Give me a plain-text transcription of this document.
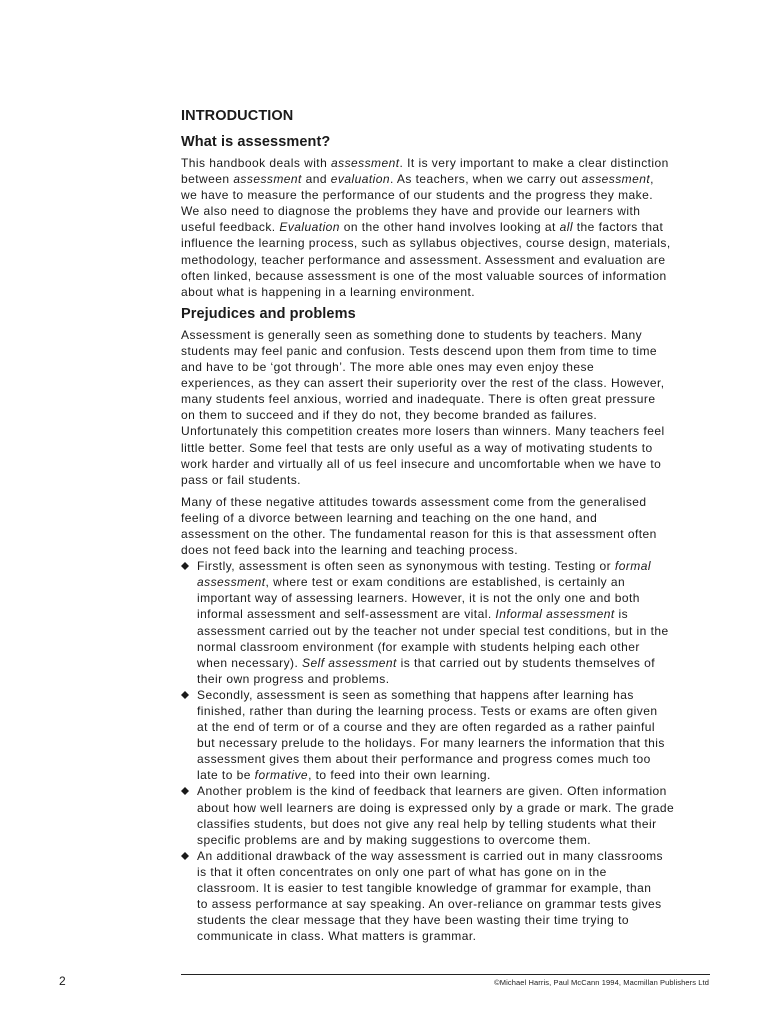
INTRODUCTION
What is assessment?

This handbook deals with assessment. It is very important to make a clear distinction
between assessment and evaluation. As teachers, when we carry out assessment,
we have to measure the performance of our students and the progress they make.
We also need to diagnose the problems they have and provide our learners with
useful feedback. Evaluation on the other hand involves looking at all the factors that
influence the learning process, such as syllabus objectives, course design, materials,
methodology, teacher performance and assessment. Assessment and evaluation are
often linked, because assessment is one of the most valuable sources of information
about what is happening in a learning environment.

Prejudices and problems

Assessment is generally seen as something done to students by teachers. Many
students may feel panic and confusion. Tests descend upon them from time to time
and have to be ‘got through’. The more able ones may even enjoy these
experiences, as they can assert their superiority over the rest of the class. However,
many students feel anxious, worried and inadequate. There is often great pressure
on them to succeed and if they do not, they become branded as failures.
Unfortunately this competition creates more losers than winners. Many teachers feel
little better. Some feel that tests are only useful as a way of motivating students to
work harder and virtually all of us feel insecure and uncomfortable when we have to
pass or fail students.

Many of these negative attitudes towards assessment come from the generalised
feeling of a divorce between learning and teaching on the one hand, and
assessment on the other. The fundamental reason for this is that assessment often
does not feed back into the learning and teaching process.

Firstly, assessment is often seen as synonymous with testing. Testing or formal
assessment, where test or exam conditions are established, is certainly an
important way of assessing learners. However, it is not the only one and both
informal assessment and self-assessment are vital. Informal assessment is
assessment carried out by the teacher not under special test conditions, but in the
normal classroom environment (for example with students helping each other
when necessary). Self assessment is that carried out by students themselves of
their own progress and problems.
Secondly, assessment is seen as something that happens after learning has
finished, rather than during the learning process. Tests or exams are often given
at the end of term or of a course and they are often regarded as a rather painful
but necessary prelude to the holidays. For many learners the information that this
assessment gives them about their performance and progress comes much too
late to be formative, to feed into their own learning.
Another problem is the kind of feedback that learners are given. Often information
about how well learners are doing is expressed only by a grade or mark. The grade
classifies students, but does not give any real help by telling students what their
specific problems are and by making suggestions to overcome them.
An additional drawback of the way assessment is carried out in many classrooms
is that it often concentrates on only one part of what has gone on in the
classroom. It is easier to test tangible knowledge of grammar for example, than
to assess performance at say speaking. An over-reliance on grammar tests gives
students the clear message that they have been wasting their time trying to
communicate in class. What matters is grammar.
2	©Michael Harris, Paul McCann 1994, Macmillan Publishers Ltd
